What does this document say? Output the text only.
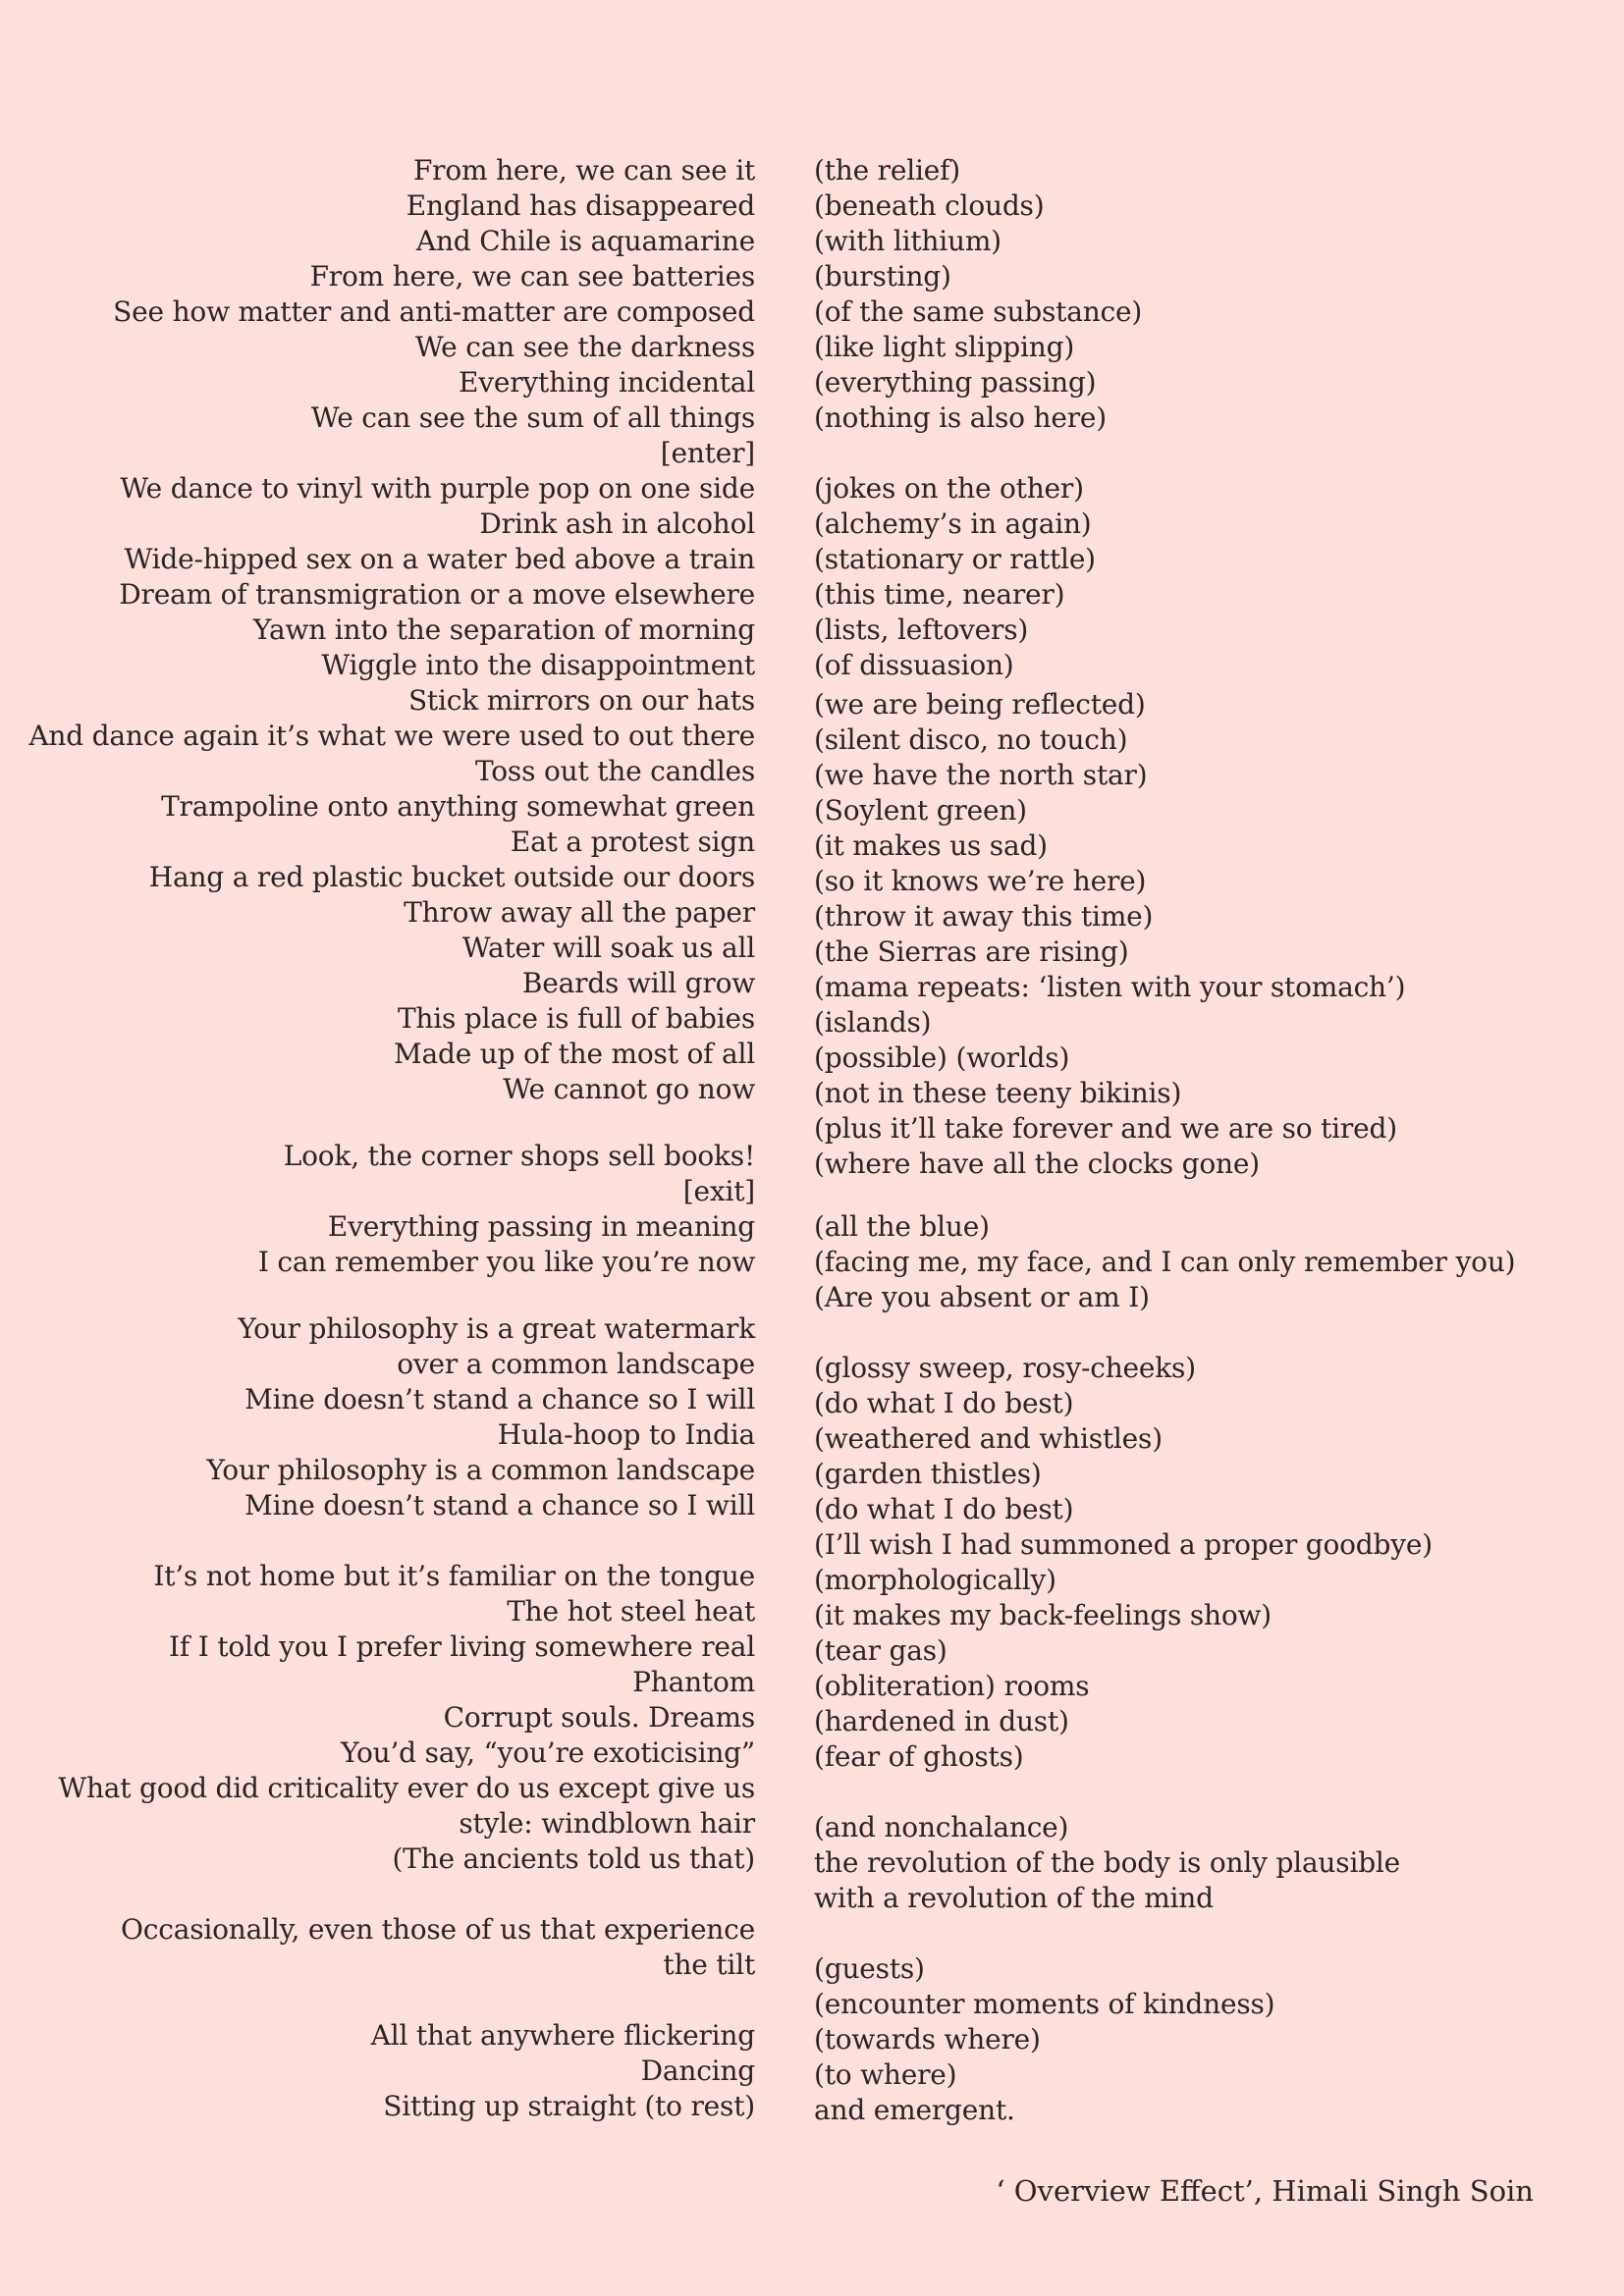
From here, we can see it
England has disappeared
And Chile is aquamarine
From here, we can see batteries
See how matter and anti-matter are composed
We can see the darkness
Everything incidental
We can see the sum of all things
[enter]
We dance to vinyl with purple pop on one side
Drink ash in alcohol
Wide-hipped sex on a water bed above a train
Dream of transmigration or a move elsewhere
Yawn into the separation of morning
Wiggle into the disappointment
Stick mirrors on our hats
And dance again it’s what we were used to out there
Toss out the candles
Trampoline onto anything somewhat green
Eat a protest sign
Hang a red plastic bucket outside our doors
Throw away all the paper
Water will soak us all
Beards will grow
This place is full of babies
Made up of the most of all
We cannot go now
Look, the corner shops sell books!
[exit]
Everything passing in meaning
I can remember you like you’re now
Your philosophy is a great watermark
over a common landscape
Mine doesn’t stand a chance so I will
Hula-hoop to India
Your philosophy is a common landscape
Mine doesn’t stand a chance so I will
It’s not home but it’s familiar on the tongue
The hot steel heat
If I told you I prefer living somewhere real
Phantom
Corrupt souls. Dreams
You’d say, “you’re exoticising”
What good did criticality ever do us except give us
style: windblown hair
(The ancients told us that)
Occasionally, even those of us that experience
the tilt
All that anywhere flickering
Dancing
Sitting up straight (to rest)
(the relief)
(beneath clouds)
(with lithium)
(bursting)
(of the same substance)
(like light slipping)
(everything passing)
(nothing is also here)
(jokes on the other)
(alchemy’s in again)
(stationary or rattle)
(this time, nearer)
(lists, leftovers)
(of dissuasion)
(we are being reflected)
(silent disco, no touch)
(we have the north star)
(Soylent green)
(it makes us sad)
(so it knows we’re here)
(throw it away this time)
(the Sierras are rising)
(mama repeats: ‘listen with your stomach’)
(islands)
(possible) (worlds)
(not in these teeny bikinis)
(plus it’ll take forever and we are so tired)
(where have all the clocks gone)
(all the blue)
(facing me, my face, and I can only remember you)
(Are you absent or am I)
(glossy sweep, rosy-cheeks)
(do what I do best)
(weathered and whistles)
(garden thistles)
(do what I do best)
(I’ll wish I had summoned a proper goodbye)
(morphologically)
(it makes my back-feelings show)
(tear gas)
(obliteration) rooms
(hardened in dust)
(fear of ghosts)
(and nonchalance)
the revolution of the body is only plausible
with a revolution of the mind
(guests)
(encounter moments of kindness)
(towards where)
(to where)
and emergent.
‘ Overview Effect’, Himali Singh Soin
